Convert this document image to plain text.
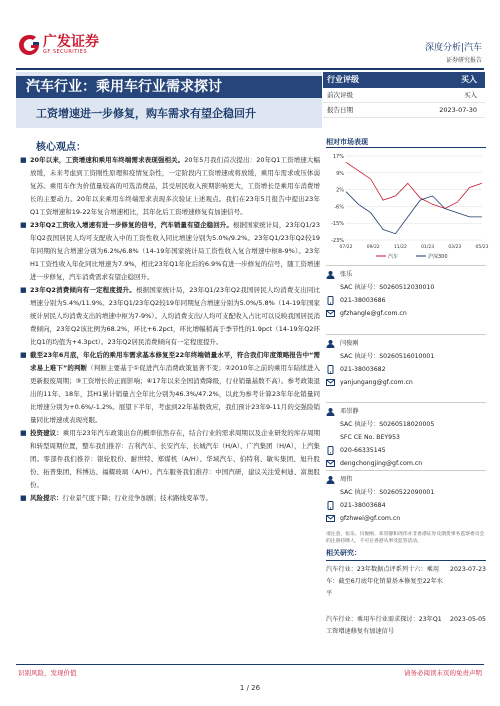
广发证券
GF SECURITIES	深度分析|汽车
证券研究报告
汽车行业：乘用车行业需求探讨
工资增速进一步修复，购车需求有望企稳回升
行业评级	买入
前次评级	买入
报告日期	2023-07-30
核心观点：
■ 20年以来，工资增速和乘用车终端需求表现强相关。20年5月我们首次提出：20年Q1工资增速大幅放缓，未来考虑到工资刚性原理和疫情复杂性，一定阶段内工资增速或将放缓，乘用车需求或压体弱复苏。乘用车作为价值量较高的可选消费品，其受居民收入预期影响更大，工资增长是乘用车消费增长的主要动力。20年以来乘用车终端需求表现多次验证上述观点。我们在23年5月报告中提出23年Q1工资增速和19-22年复合增速相比，其年化后工资增速修复有加速信号。
■ 23年Q2工资收入增速有进一步修复的信号，汽车销量有望企稳回升。根据国家统计局，23年Q1/23年Q2我国居民人均可支配收入中的工资性收入同比增速分别为5.0%/9.2%。23年Q1/23年Q2较19年同期的复合增速分别为6.2%/6.8%（14-19年国家统计局工资性收入复合增速中枢8-9%）。23年H1工资性收入年化同比增速为7.9%，相比23年Q1年化后的6.9%有进一步修复的信号，随工资增速进一步修复，汽车消费需求有望企稳回升。
■ 23年Q2消费倾向有一定程度提升。根据国家统计局，23年Q1/23年Q2我国居民人均消费支出同比增速分别为5.4%/11.9%。23年Q1/23年Q2较19年同期复合增速分别为5.0%/5.8%（14-19年国家统计居民人均消费支出的增速中枢为7-9%）。人均消费支出/人均可支配收入占比可以反映我国居民消费倾向，23年Q2该比例为68.2%，环比+6.2pct，环比增幅稍高于季节性的1.9pct（14-19年Q2环比Q1的均值为+4.3pct）。23年Q2居民消费倾向有一定程度提升。
■ 截至23年6月底，年化后的乘用车需求基本修复至22年终端销量水平，符合我们年度策略报告中“需求易上难下”的判断（判断主要基于①促进汽车消费政策显著不变；②2010年之前的乘用车陆续进入更新报废周期；③工资增长的正面影响；④17年以来全国消费降级，行业销量基数不高）。参考政策退出的11年、18年，其H1累计销量占全年比分别为46.3%/47.2%，以此为参考计算23年年化销量同比增速分别为+0.6%/-1.2%。展望下半年，考虑到22年基数效应，我们预计23年9-11月的交强险销量同比增速或表现亮眼。
■ 投资建议：乘用车23年汽车政策出台的概率依然存在，结合行业的需求周期以及企业研发的库存周期和转型周期位置，整车我们推荐：吉利汽车、长安汽车、长城汽车（H/A）、广汽集团（H/A），上汽集团。零部件我们推荐：银轮股份、耐世特、郑煤机（A/H）、华域汽车、伯特利、敏实集团、旭升股份、拓普集团、科博达、福耀玻璃（A/H）。汽车服务我们推荐：中国汽研，建议关注爱柯迪、富奥股份。
■ 风险提示：行业景气度下降；行业竞争加剧；技术路线变革等。
相对市场表现
17%
9%
2%
-6%
-15%
-23%
07/22	09/22	11/22	01/23	03/23	05/23
汽车	沪深300
张乐
SAC 执证号：S0260512030010
021-38003686
gfzhangle@gf.com.cn
闫俊刚
SAC 执证号：S0260516010001
021-38003682
yanjungang@gf.com.cn
邓崇静
SAC 执证号：S0260518020005
SFC CE No. BEY953
020-66335145
dengchongjing@gf.com.cn
周伟
SAC 执证号：S0260522090001
021-38003684
gfzhwei@gf.com.cn
请注意，张乐、闫俊刚、邓崇静和周伟并非香港证券及期货事务监察委员会的注册持牌人，不可在香港从事受监管活动。
相关研究：
汽车行业：23年数据点评系列十六：乘用车：截至6月底年化销量基本修复至22年水平
2023-07-23
汽车行业：乘用车行业需求探讨：23年Q1工资增速修复有加速信号
2023-05-05
识别风险，发现价值	请务必阅读末页的免责声明
1 / 26
